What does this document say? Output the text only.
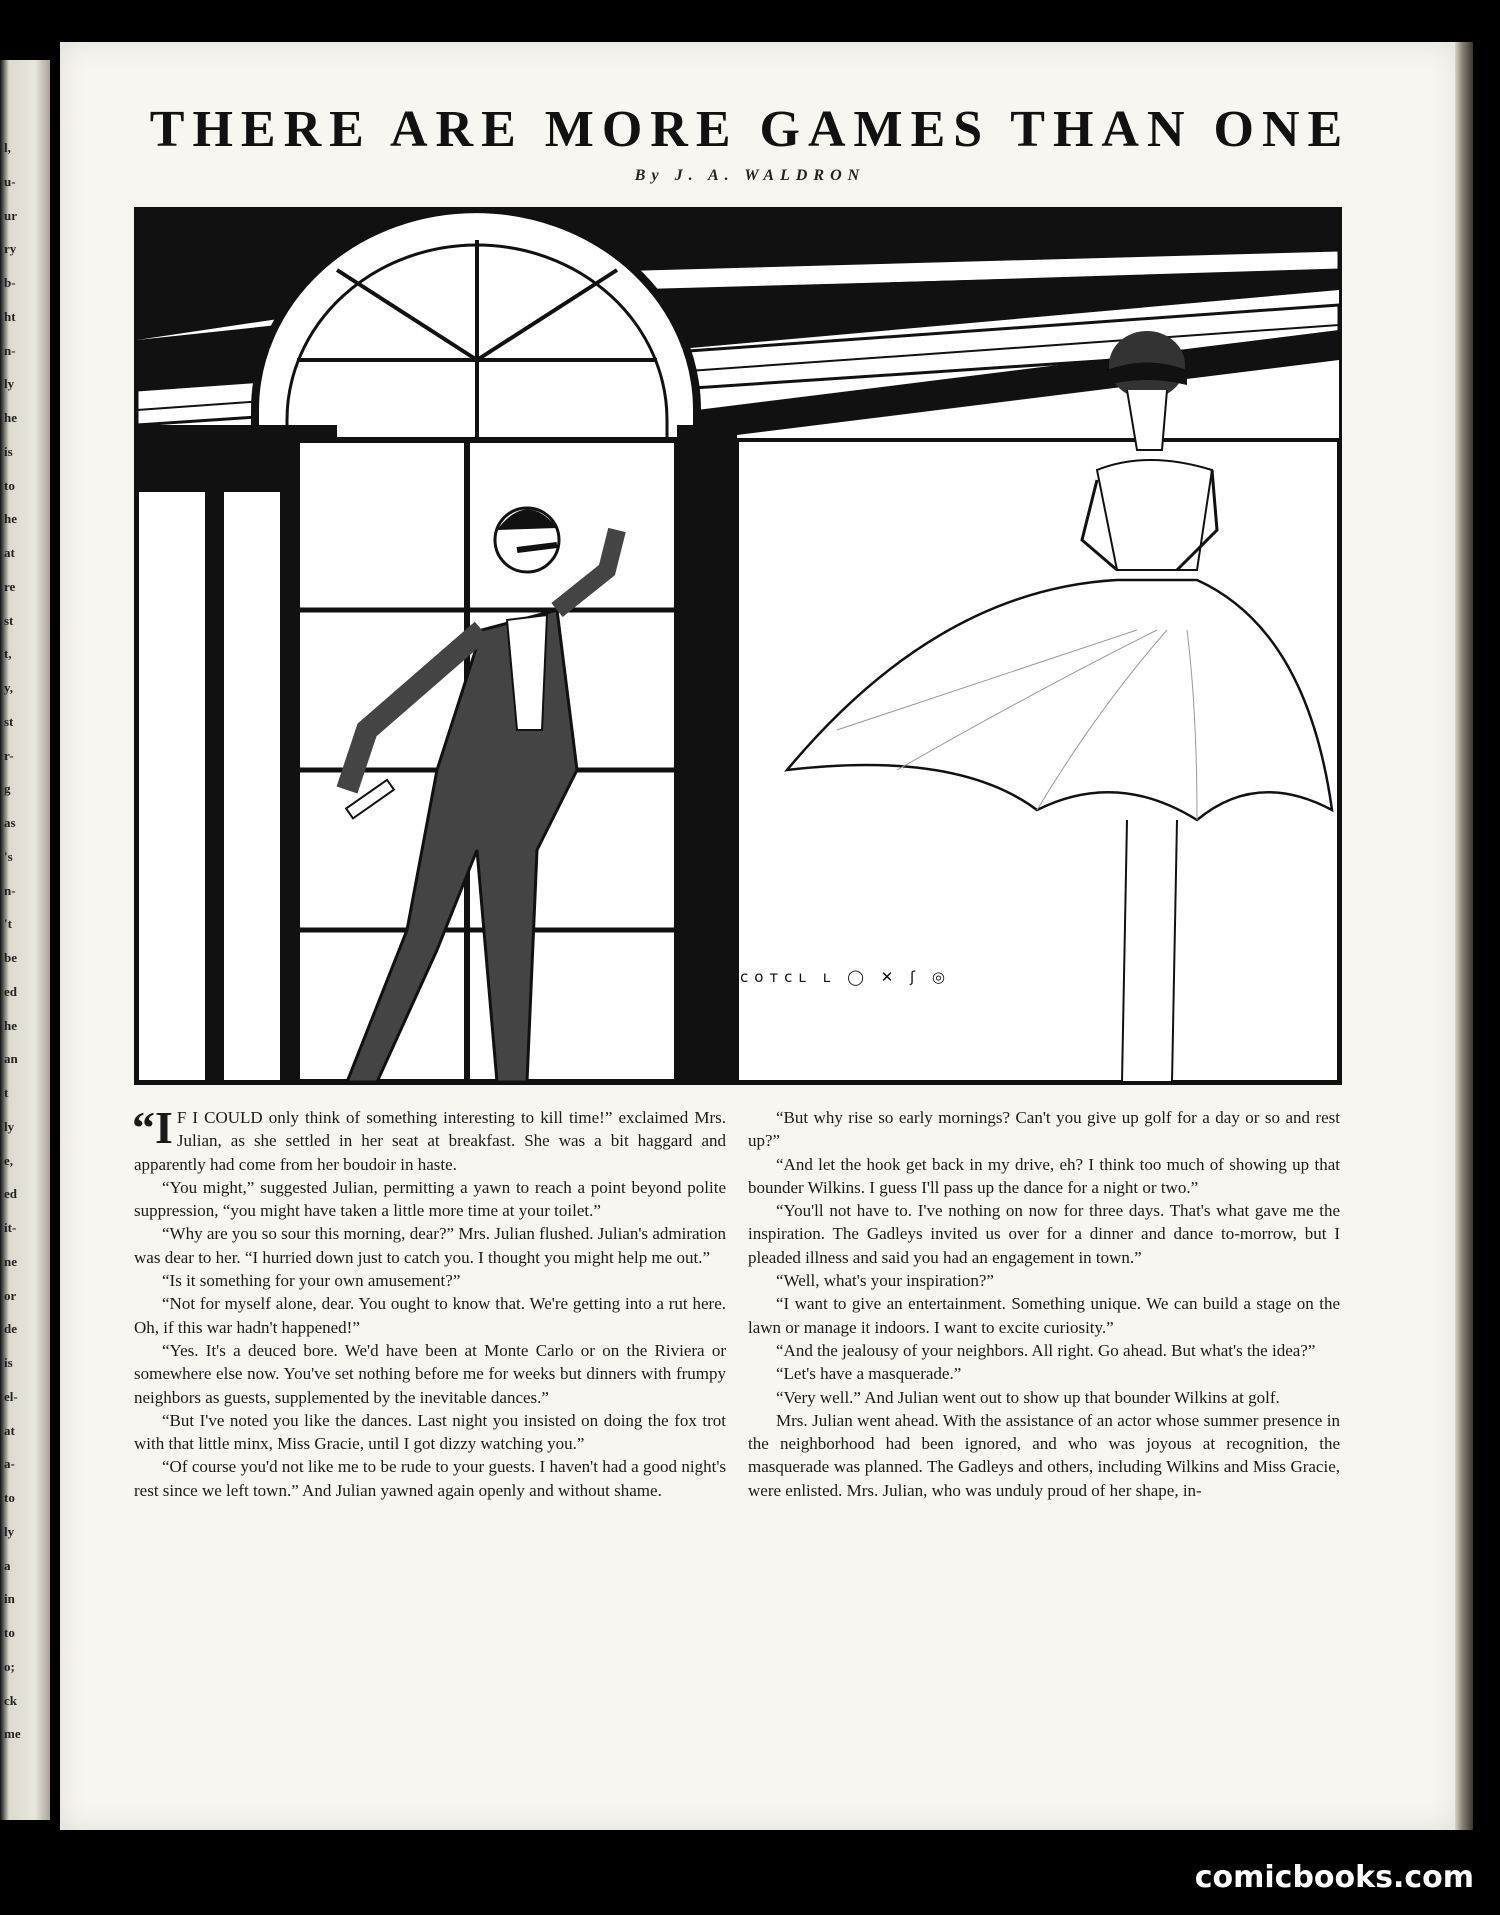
l,
u-
ur
ry
b-
ht
n-
ly
he
is
to
he
at
re
st
t,
y,
st
r-
g
as
's
n-
't
be
ed
he
an
t
ly
e,
ed
it-
ne
or
de
is
el-
at
a-
to
ly
a
in
to
o;
ck
me
THERE ARE MORE GAMES THAN ONE
By J. A. WALDRON
ᴄᴏᴛᴄʟ ʟ ◯ ✕ ʃ ◎

“I F I COULD only think of something interesting to kill time!” exclaimed Mrs. Julian, as she settled in her seat at breakfast. She was a bit haggard and apparently had come from her boudoir in haste.

“You might,” suggested Julian, permitting a yawn to reach a point beyond polite suppression, “you might have taken a little more time at your toilet.”

“Why are you so sour this morning, dear?” Mrs. Julian flushed. Julian's admiration was dear to her. “I hurried down just to catch you. I thought you might help me out.”

“Is it something for your own amusement?”

“Not for myself alone, dear. You ought to know that. We're getting into a rut here. Oh, if this war hadn't happened!”

“Yes. It's a deuced bore. We'd have been at Monte Carlo or on the Riviera or somewhere else now. You've set nothing before me for weeks but dinners with frumpy neighbors as guests, supplemented by the inevitable dances.”

“But I've noted you like the dances. Last night you insisted on doing the fox trot with that little minx, Miss Gracie, until I got dizzy watching you.”

“Of course you'd not like me to be rude to your guests. I haven't had a good night's rest since we left town.” And Julian yawned again openly and without shame.

“But why rise so early mornings? Can't you give up golf for a day or so and rest up?”

“And let the hook get back in my drive, eh? I think too much of showing up that bounder Wilkins. I guess I'll pass up the dance for a night or two.”

“You'll not have to. I've nothing on now for three days. That's what gave me the inspiration. The Gadleys invited us over for a dinner and dance to-morrow, but I pleaded illness and said you had an engagement in town.”

“Well, what's your inspiration?”

“I want to give an entertainment. Something unique. We can build a stage on the lawn or manage it indoors. I want to excite curiosity.”

“And the jealousy of your neighbors. All right. Go ahead. But what's the idea?”

“Let's have a masquerade.”

“Very well.” And Julian went out to show up that bounder Wilkins at golf.

Mrs. Julian went ahead. With the assistance of an actor whose summer presence in the neighborhood had been ignored, and who was joyous at recognition, the masquerade was planned. The Gadleys and others, including Wilkins and Miss Gracie, were enlisted. Mrs. Julian, who was unduly proud of her shape, in-

comicbooks.com
